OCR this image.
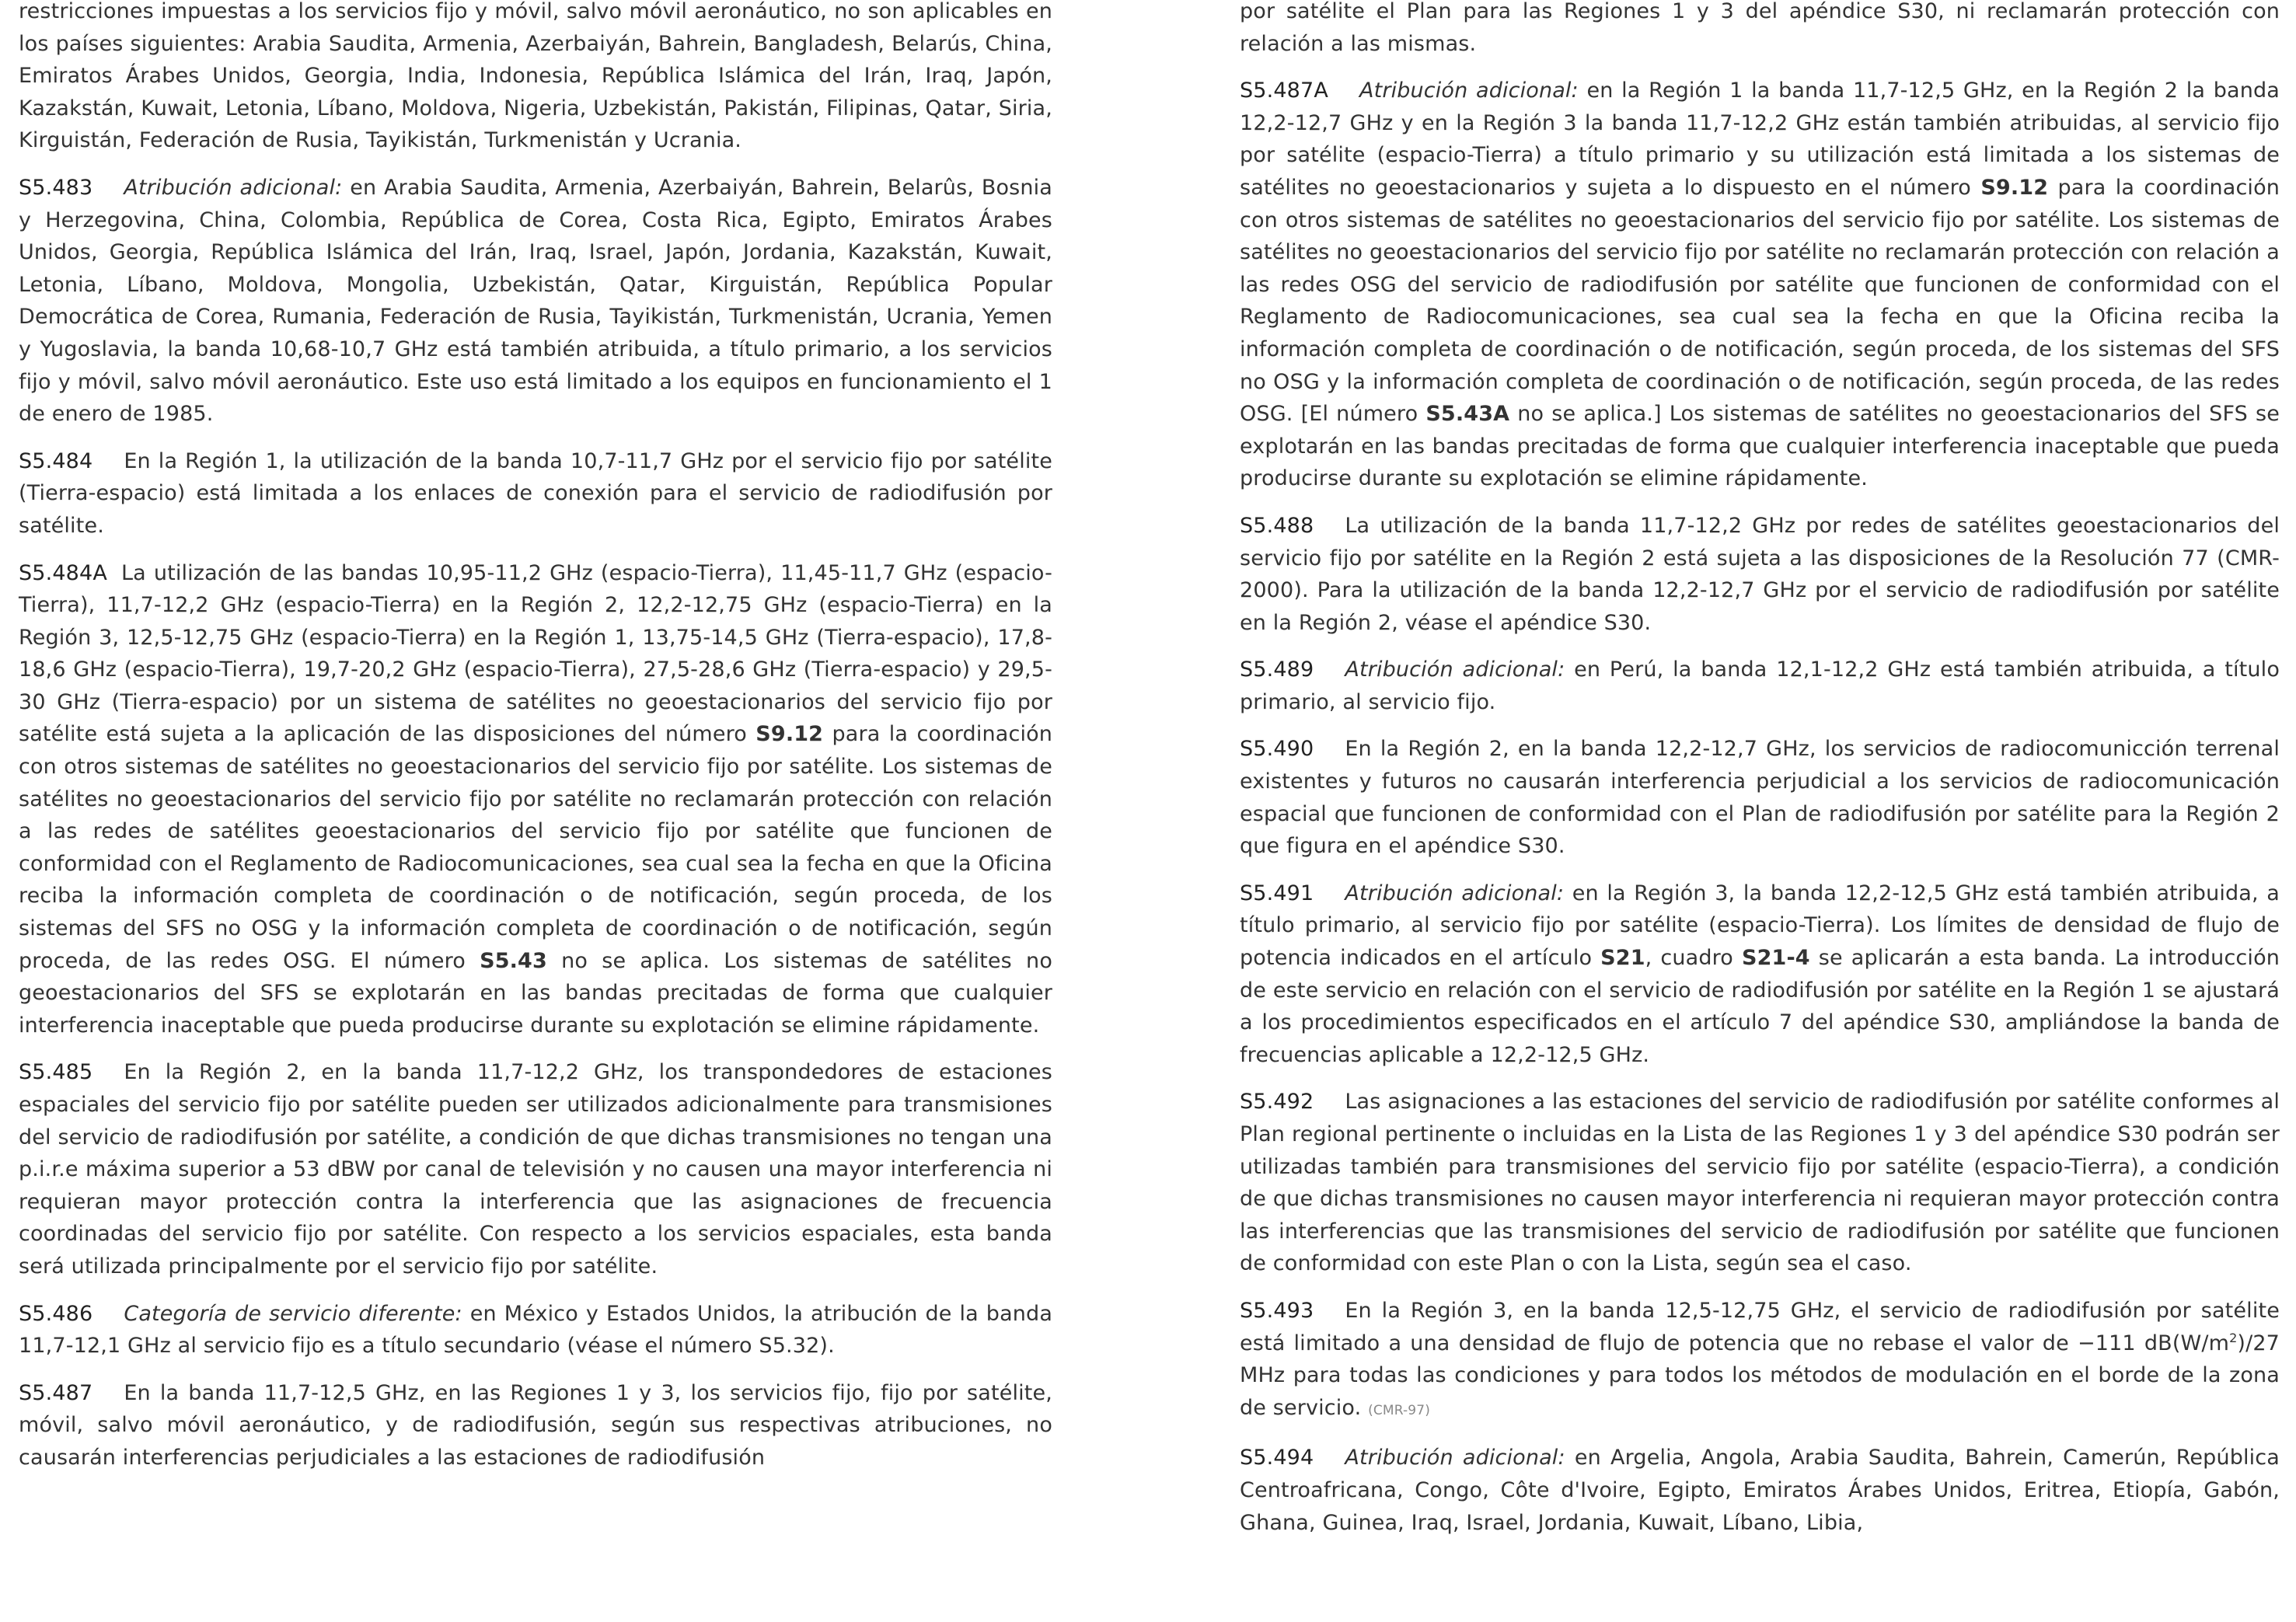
restricciones impuestas a los servicios fijo y móvil, salvo móvil aeronáutico, no son aplicables en los países siguientes: Arabia Saudita, Armenia, Azerbaiyán, Bahrein, Bangladesh, Belarús, China, Emiratos Árabes Unidos, Georgia, India, Indonesia, República Islámica del Irán, Iraq, Japón, Kazakstán, Kuwait, Letonia, Líbano, Moldova, Nigeria, Uzbekistán, Pakistán, Filipinas, Qatar, Siria, Kirguistán, Federación de Rusia, Tayikistán, Turkmenistán y Ucrania.

S5.483 Atribución adicional: en Arabia Saudita, Armenia, Azerbaiyán, Bahrein, Belarûs, Bosnia y Herzegovina, China, Colombia, República de Corea, Costa Rica, Egipto, Emiratos Árabes Unidos, Georgia, República Islámica del Irán, Iraq, Israel, Japón, Jordania, Kazakstán, Kuwait, Letonia, Líbano, Moldova, Mongolia, Uzbekistán, Qatar, Kirguistán, República Popular Democrática de Corea, Rumania, Federación de Rusia, Tayikistán, Turkmenistán, Ucrania, Yemen y Yugoslavia, la banda 10,68-10,7 GHz está también atribuida, a título primario, a los servicios fijo y móvil, salvo móvil aeronáutico. Este uso está limitado a los equipos en funcionamiento el 1 de enero de 1985.

S5.484 En la Región 1, la utilización de la banda 10,7-11,7 GHz por el servicio fijo por satélite (Tierra-espacio) está limitada a los enlaces de conexión para el servicio de radiodifusión por satélite.

S5.484A La utilización de las bandas 10,95-11,2 GHz (espacio-Tierra), 11,45-11,7 GHz (espacio-Tierra), 11,7-12,2 GHz (espacio-Tierra) en la Región 2, 12,2-12,75 GHz (espacio-Tierra) en la Región 3, 12,5-12,75 GHz (espacio-Tierra) en la Región 1, 13,75-14,5 GHz (Tierra-espacio), 17,8-18,6 GHz (espacio-Tierra), 19,7-20,2 GHz (espacio-Tierra), 27,5-28,6 GHz (Tierra-espacio) y 29,5-30 GHz (Tierra-espacio) por un sistema de satélites no geoestacionarios del servicio fijo por satélite está sujeta a la aplicación de las disposiciones del número S9.12 para la coordinación con otros sistemas de satélites no geoestacionarios del servicio fijo por satélite. Los sistemas de satélites no geoestacionarios del servicio fijo por satélite no reclamarán protección con relación a las redes de satélites geoestacionarios del servicio fijo por satélite que funcionen de conformidad con el Reglamento de Radiocomunicaciones, sea cual sea la fecha en que la Oficina reciba la información completa de coordinación o de notificación, según proceda, de los sistemas del SFS no OSG y la información completa de coordinación o de notificación, según proceda, de las redes OSG. El número S5.43 no se aplica. Los sistemas de satélites no geoestacionarios del SFS se explotarán en las bandas precitadas de forma que cualquier interferencia inaceptable que pueda producirse durante su explotación se elimine rápidamente.

S5.485 En la Región 2, en la banda 11,7-12,2 GHz, los transpondedores de estaciones espaciales del servicio fijo por satélite pueden ser utilizados adicionalmente para transmisiones del servicio de radiodifusión por satélite, a condición de que dichas transmisiones no tengan una p.i.r.e máxima superior a 53 dBW por canal de televisión y no causen una mayor interferencia ni requieran mayor protección contra la interferencia que las asignaciones de frecuencia coordinadas del servicio fijo por satélite. Con respecto a los servicios espaciales, esta banda será utilizada principalmente por el servicio fijo por satélite.

S5.486 Categoría de servicio diferente: en México y Estados Unidos, la atribución de la banda 11,7-12,1 GHz al servicio fijo es a título secundario (véase el número S5.32).

S5.487 En la banda 11,7-12,5 GHz, en las Regiones 1 y 3, los servicios fijo, fijo por satélite, móvil, salvo móvil aeronáutico, y de radiodifusión, según sus respectivas atribuciones, no causarán interferencias perjudiciales a las estaciones de radiodifusión

por satélite el Plan para las Regiones 1 y 3 del apéndice S30, ni reclamarán protección con relación a las mismas.

S5.487A Atribución adicional: en la Región 1 la banda 11,7-12,5 GHz, en la Región 2 la banda 12,2-12,7 GHz y en la Región 3 la banda 11,7-12,2 GHz están también atribuidas, al servicio fijo por satélite (espacio-Tierra) a título primario y su utilización está limitada a los sistemas de satélites no geoestacionarios y sujeta a lo dispuesto en el número S9.12 para la coordinación con otros sistemas de satélites no geoestacionarios del servicio fijo por satélite. Los sistemas de satélites no geoestacionarios del servicio fijo por satélite no reclamarán protección con relación a las redes OSG del servicio de radiodifusión por satélite que funcionen de conformidad con el Reglamento de Radiocomunicaciones, sea cual sea la fecha en que la Oficina reciba la información completa de coordinación o de notificación, según proceda, de los sistemas del SFS no OSG y la información completa de coordinación o de notificación, según proceda, de las redes OSG. [El número S5.43A no se aplica.] Los sistemas de satélites no geoestacionarios del SFS se explotarán en las bandas precitadas de forma que cualquier interferencia inaceptable que pueda producirse durante su explotación se elimine rápidamente.

S5.488 La utilización de la banda 11,7-12,2 GHz por redes de satélites geoestacionarios del servicio fijo por satélite en la Región 2 está sujeta a las disposiciones de la Resolución 77 (CMR-2000). Para la utilización de la banda 12,2-12,7 GHz por el servicio de radiodifusión por satélite en la Región 2, véase el apéndice S30.

S5.489 Atribución adicional: en Perú, la banda 12,1-12,2 GHz está también atribuida, a título primario, al servicio fijo.

S5.490 En la Región 2, en la banda 12,2-12,7 GHz, los servicios de radiocomunicción terrenal existentes y futuros no causarán interferencia perjudicial a los servicios de radiocomunicación espacial que funcionen de conformidad con el Plan de radiodifusión por satélite para la Región 2 que figura en el apéndice S30.

S5.491 Atribución adicional: en la Región 3, la banda 12,2-12,5 GHz está también atribuida, a título primario, al servicio fijo por satélite (espacio-Tierra). Los límites de densidad de flujo de potencia indicados en el artículo S21, cuadro S21-4 se aplicarán a esta banda. La introducción de este servicio en relación con el servicio de radiodifusión por satélite en la Región 1 se ajustará a los procedimientos especificados en el artículo 7 del apéndice S30, ampliándose la banda de frecuencias aplicable a 12,2-12,5 GHz.

S5.492 Las asignaciones a las estaciones del servicio de radiodifusión por satélite conformes al Plan regional pertinente o incluidas en la Lista de las Regiones 1 y 3 del apéndice S30 podrán ser utilizadas también para transmisiones del servicio fijo por satélite (espacio-Tierra), a condición de que dichas transmisiones no causen mayor interferencia ni requieran mayor protección contra las interferencias que las transmisiones del servicio de radiodifusión por satélite que funcionen de conformidad con este Plan o con la Lista, según sea el caso.

S5.493 En la Región 3, en la banda 12,5-12,75 GHz, el servicio de radiodifusión por satélite está limitado a una densidad de flujo de potencia que no rebase el valor de −111 $dB(W/m^2)/27$ MHz para todas las condiciones y para todos los métodos de modulación en el borde de la zona de servicio. (CMR-97)

S5.494 Atribución adicional: en Argelia, Angola, Arabia Saudita, Bahrein, Camerún, República Centroafricana, Congo, Côte d'Ivoire, Egipto, Emiratos Árabes Unidos, Eritrea, Etiopía, Gabón, Ghana, Guinea, Iraq, Israel, Jordania, Kuwait, Líbano, Libia,
